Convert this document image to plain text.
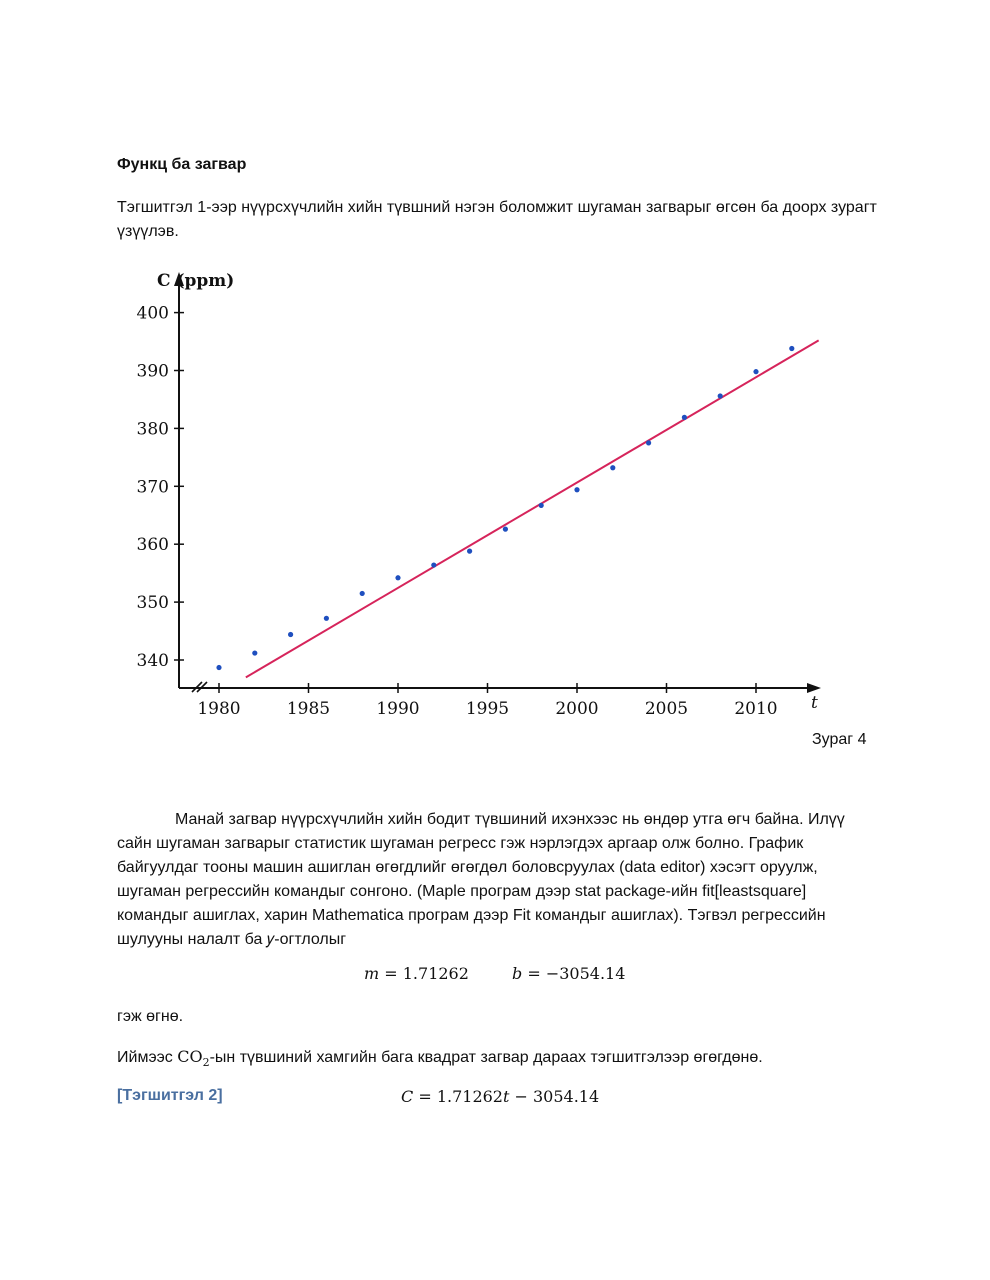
Функц ба загвар
Тэгшитгэл 1-ээр нүүрсхүчлийн хийн түвшний нэгэн боломжит шугаман загварыг өгсөн ба доорх зурагт үзүүлэв.
340
350
360
370
380
390
400
1980	1985	1990	1995	2000	2005	2010
C (ppm)
t
Зураг 4
Манай загвар нүүрсхүчлийн хийн бодит түвшиний ихэнхээс нь өндөр утга өгч байна. Илүү сайн шугаман загварыг статистик шугаман регресс гэж нэрлэгдэх аргаар олж болно. График байгуулдаг тооны машин ашиглан өгөгдлийг өгөгдөл боловсруулах (data editor) хэсэгт оруулж, шугаман регрессийн командыг сонгоно. (Maple програм дээр stat package-ийн fit[leastsquare] командыг ашиглах, харин Mathematica програм дээр Fit командыг ашиглах). Тэгвэл регрессийн шулууны налалт ба 𝑦-огтлолыг
𝑚 = 1.71262	𝑏 = −3054.14
гэж өгнө.
Иймээс $CO_2-ын$ түвшиний хамгийн бага квадрат загвар дараах тэгшитгэлээр өгөгдөнө.
[Тэгшитгэл 2]	𝐶 = 1.71262𝑡 − 3054.14
